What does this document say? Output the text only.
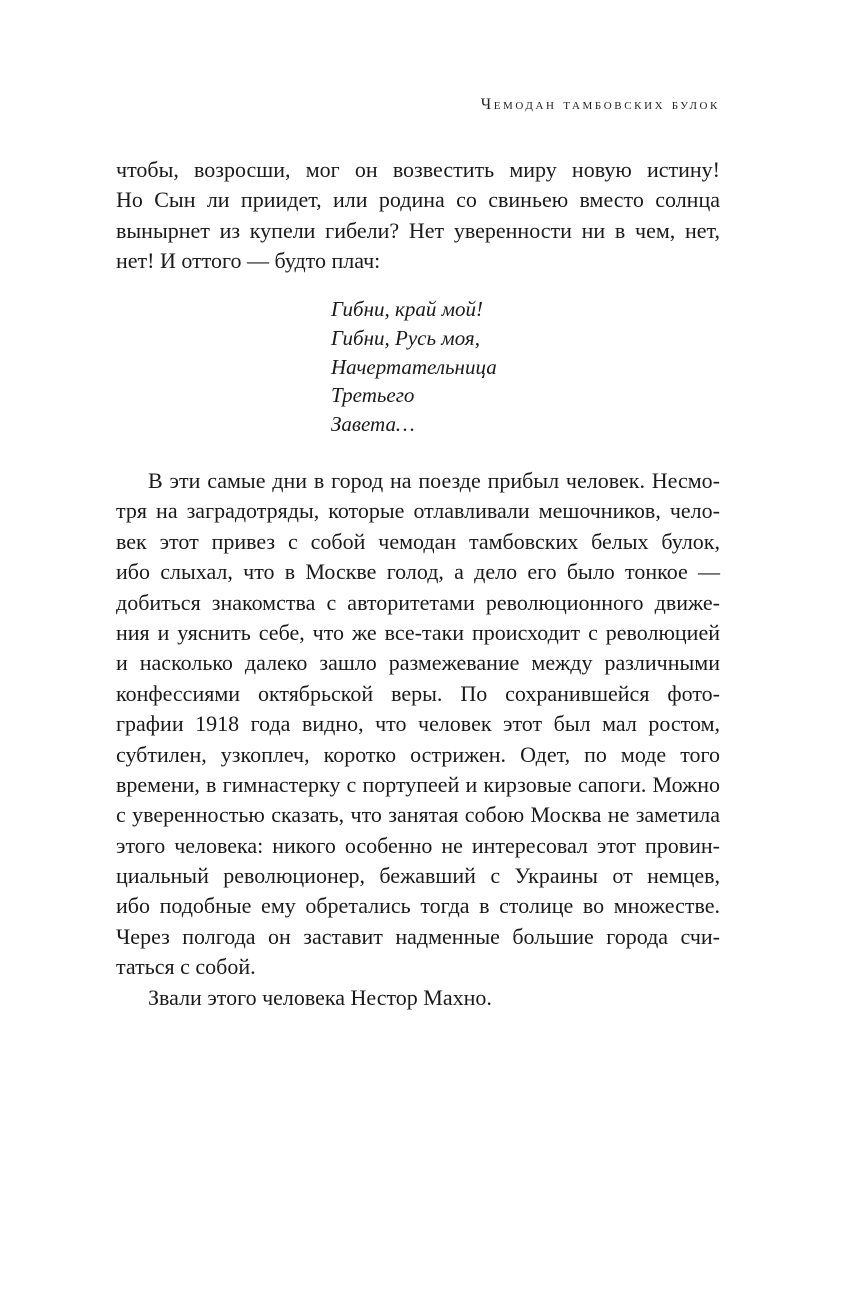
Чемодан тамбовских булок
чтобы, возросши, мог он возвестить миру новую истину!
Но Сын ли приидет, или родина со свиньею вместо солнца
вынырнет из купели гибели? Нет уверенности ни в чем, нет,
нет! И оттого — будто плач:
Гибни, край мой!
Гибни, Русь моя,
Начертательница
Третьего
Завета…
В эти самые дни в город на поезде прибыл человек. Несмо-
тря на заградотряды, которые отлавливали мешочников, чело-
век этот привез с собой чемодан тамбовских белых булок,
ибо слыхал, что в Москве голод, а дело его было тонкое —
добиться знакомства с авторитетами революционного движе-
ния и уяснить себе, что же все-таки происходит с революцией
и насколько далеко зашло размежевание между различными
конфессиями октябрьской веры. По сохранившейся фото-
графии 1918 года видно, что человек этот был мал ростом,
субтилен, узкоплеч, коротко острижен. Одет, по моде того
времени, в гимнастерку с портупеей и кирзовые сапоги. Можно
с уверенностью сказать, что занятая собою Москва не заметила
этого человека: никого особенно не интересовал этот провин-
циальный революционер, бежавший с Украины от немцев,
ибо подобные ему обретались тогда в столице во множестве.
Через полгода он заставит надменные большие города счи-
таться с собой.
Звали этого человека Нестор Махно.
